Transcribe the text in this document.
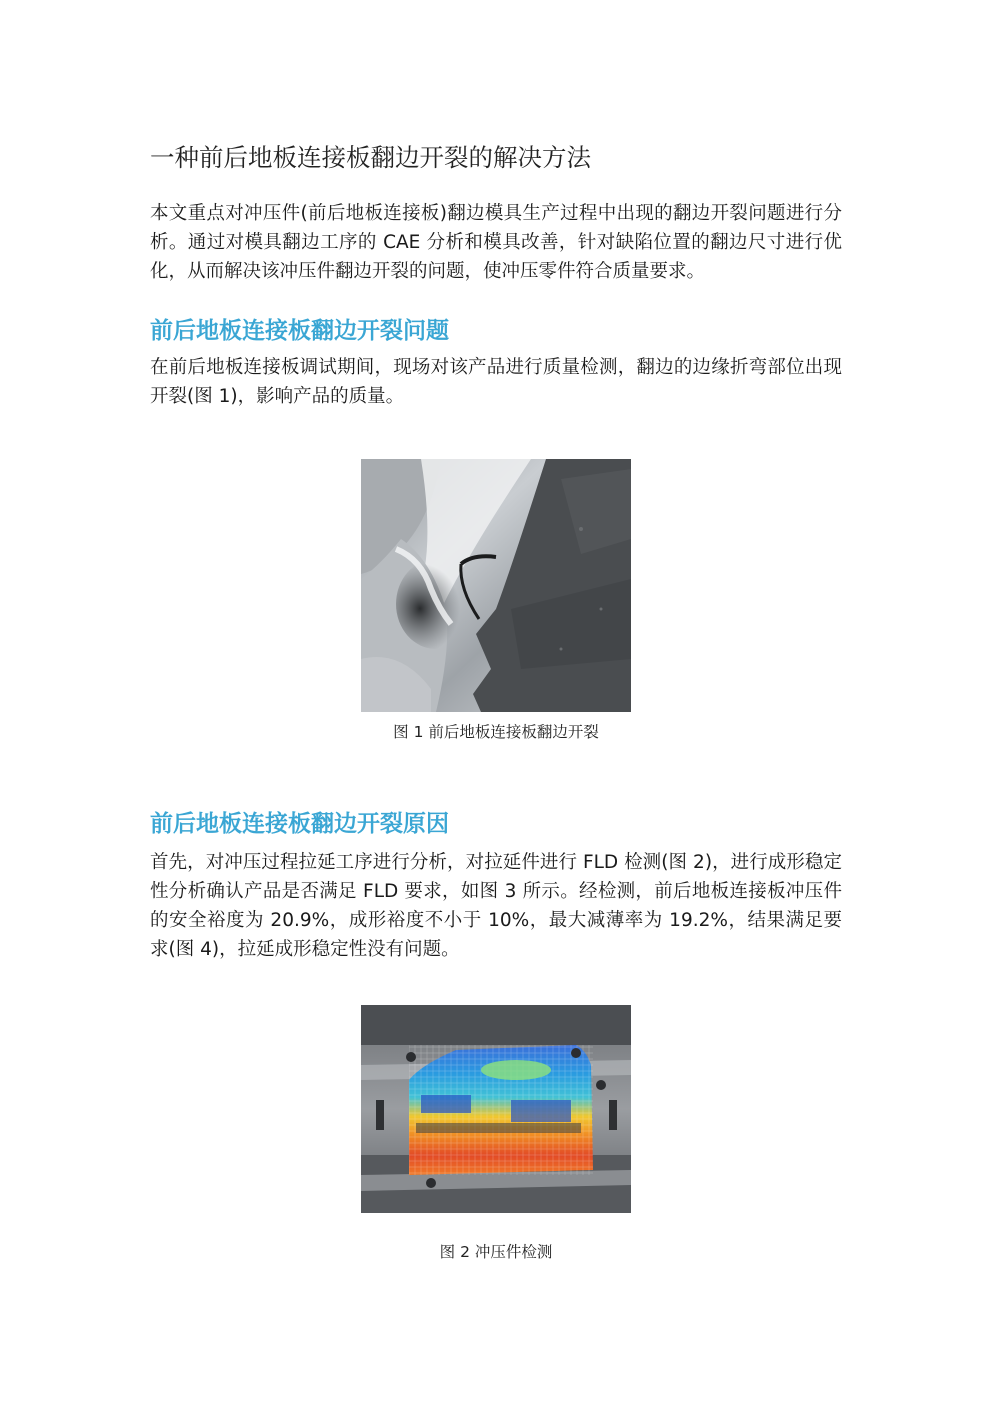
一种前后地板连接板翻边开裂的解决方法

本文重点对冲压件(前后地板连接板)翻边模具生产过程中出现的翻边开裂问题进行分析。通过对模具翻边工序的 CAE 分析和模具改善，针对缺陷位置的翻边尺寸进行优化，从而解决该冲压件翻边开裂的问题，使冲压零件符合质量要求。

前后地板连接板翻边开裂问题

在前后地板连接板调试期间，现场对该产品进行质量检测，翻边的边缘折弯部位出现开裂(图 1)，影响产品的质量。

图 1 前后地板连接板翻边开裂
前后地板连接板翻边开裂原因

首先，对冲压过程拉延工序进行分析，对拉延件进行 FLD 检测(图 2)，进行成形稳定性分析确认产品是否满足 FLD 要求，如图 3 所示。经检测，前后地板连接板冲压件的安全裕度为 20.9%，成形裕度不小于 10%，最大减薄率为 19.2%，结果满足要求(图 4)，拉延成形稳定性没有问题。

图 2 冲压件检测
